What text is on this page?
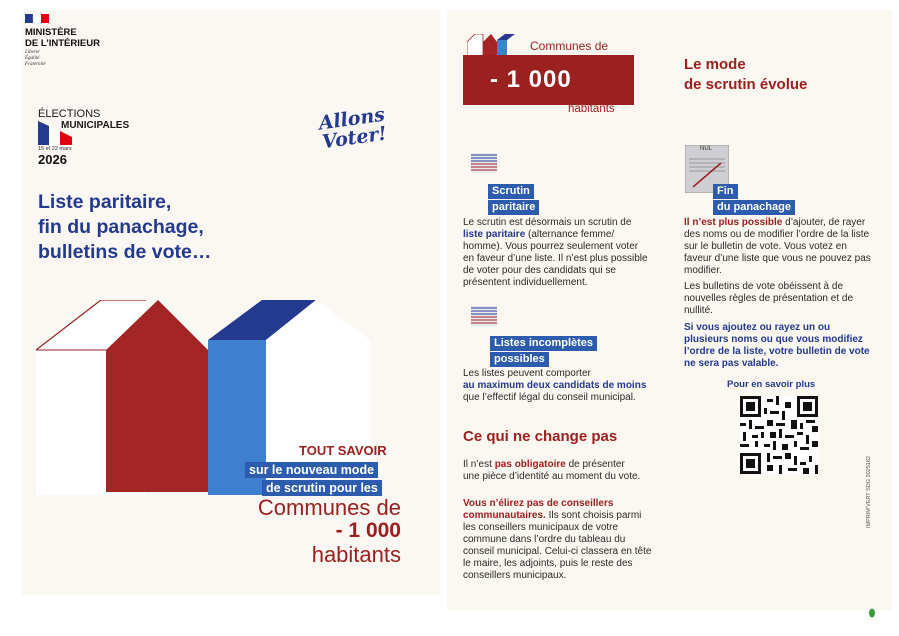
MINISTÈRE
DE L’INTÉRIEUR
Liberté
Égalité
Fraternité
ÉLECTIONS
MUNICIPALES
15 et 22 mars
2026
Allons
Voter!
Liste paritaire,
fin du panachage,
bulletins de vote…
TOUT SAVOIR
sur le nouveau mode
de scrutin pour les
Communes de
- 1 000
habitants
Communes de
- 1 000
habitants
Le mode
de scrutin évolue
Scrutin
paritaire
Le scrutin est désormais un scrutin de liste paritaire (alternance femme/ homme). Vous pourrez seulement voter en faveur d’une liste. Il n’est plus possible de voter pour des candidats qui se présentent individuellement.
Listes incomplètes
possibles
Les listes peuvent comporter
au maximum deux candidats de moins
que l’effectif légal du conseil municipal.
Ce qui ne change pas
Il n’est pas obligatoire de présenter une pièce d’identité au moment du vote.
Vous n’élirez pas de conseillers communautaires. Ils sont choisis parmi les conseillers municipaux de votre commune dans l’ordre du tableau du conseil municipal. Celui-ci classera en tête le maire, les adjoints, puis le reste des conseillers municipaux.
NUL
Fin
du panachage
Il n’est plus possible d’ajouter, de rayer des noms ou de modifier l’ordre de la liste sur le bulletin de vote. Vous votez en faveur d’une liste que vous ne pouvez pas modifier.
Les bulletins de vote obéissent à de nouvelles règles de présentation et de nullité.
Si vous ajoutez ou rayez un ou plusieurs noms ou que vous modifiez l’ordre de la liste, votre bulletin de vote ne sera pas valable.
Pour en savoir plus
IMPRIM’VERT SDG 2025162
